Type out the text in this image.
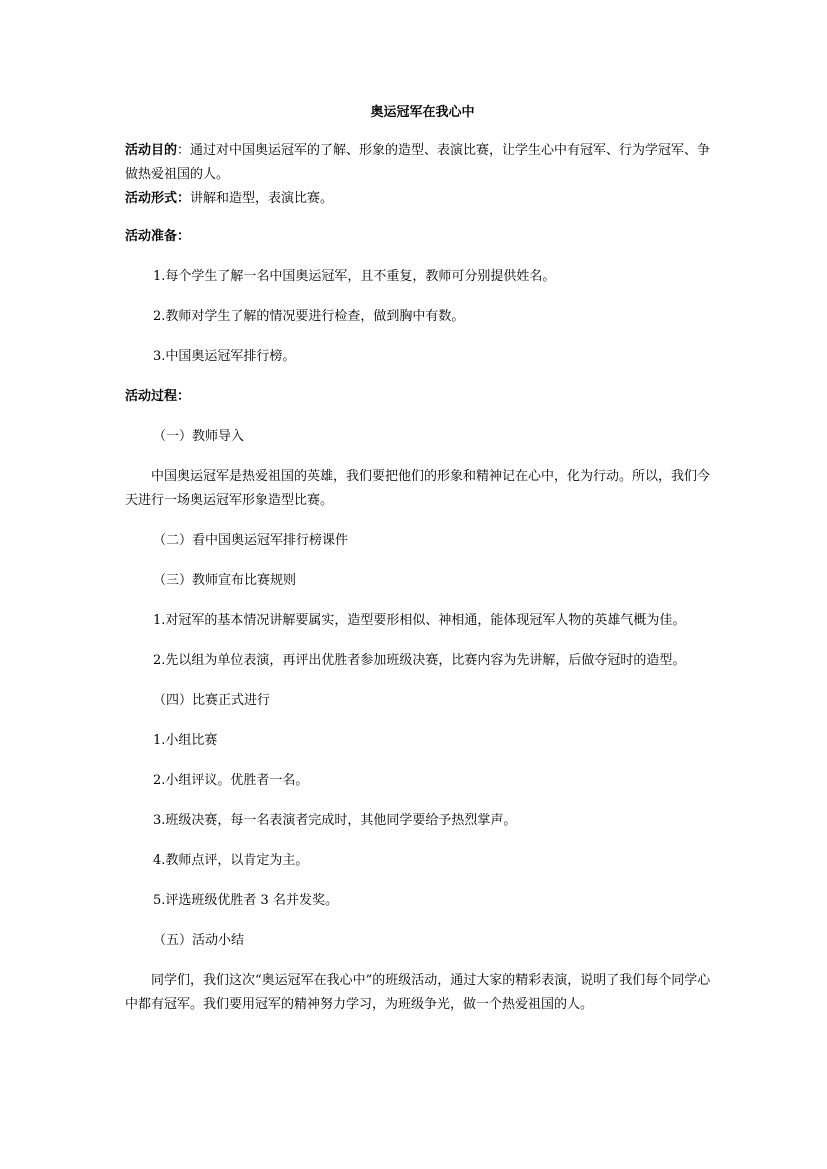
奥运冠军在我心中

活动目的：通过对中国奥运冠军的了解、形象的造型、表演比赛，让学生心中有冠军、行为学冠军、争做热爱祖国的人。

活动形式：讲解和造型，表演比赛。

活动准备：

1.每个学生了解一名中国奥运冠军，且不重复，教师可分别提供姓名。

2.教师对学生了解的情况要进行检查，做到胸中有数。

3.中国奥运冠军排行榜。

活动过程：

（一）教师导入

中国奥运冠军是热爱祖国的英雄，我们要把他们的形象和精神记在心中，化为行动。所以，我们今天进行一场奥运冠军形象造型比赛。

（二）看中国奥运冠军排行榜课件

（三）教师宣布比赛规则

1.对冠军的基本情况讲解要属实，造型要形相似、神相通，能体现冠军人物的英雄气概为佳。

2.先以组为单位表演，再评出优胜者参加班级决赛，比赛内容为先讲解，后做夺冠时的造型。

（四）比赛正式进行

1.小组比赛

2.小组评议。优胜者一名。

3.班级决赛，每一名表演者完成时，其他同学要给予热烈掌声。

4.教师点评，以肯定为主。

5.评选班级优胜者 3 名并发奖。

（五）活动小结

同学们，我们这次“奥运冠军在我心中”的班级活动，通过大家的精彩表演，说明了我们每个同学心中都有冠军。我们要用冠军的精神努力学习，为班级争光，做一个热爱祖国的人。
